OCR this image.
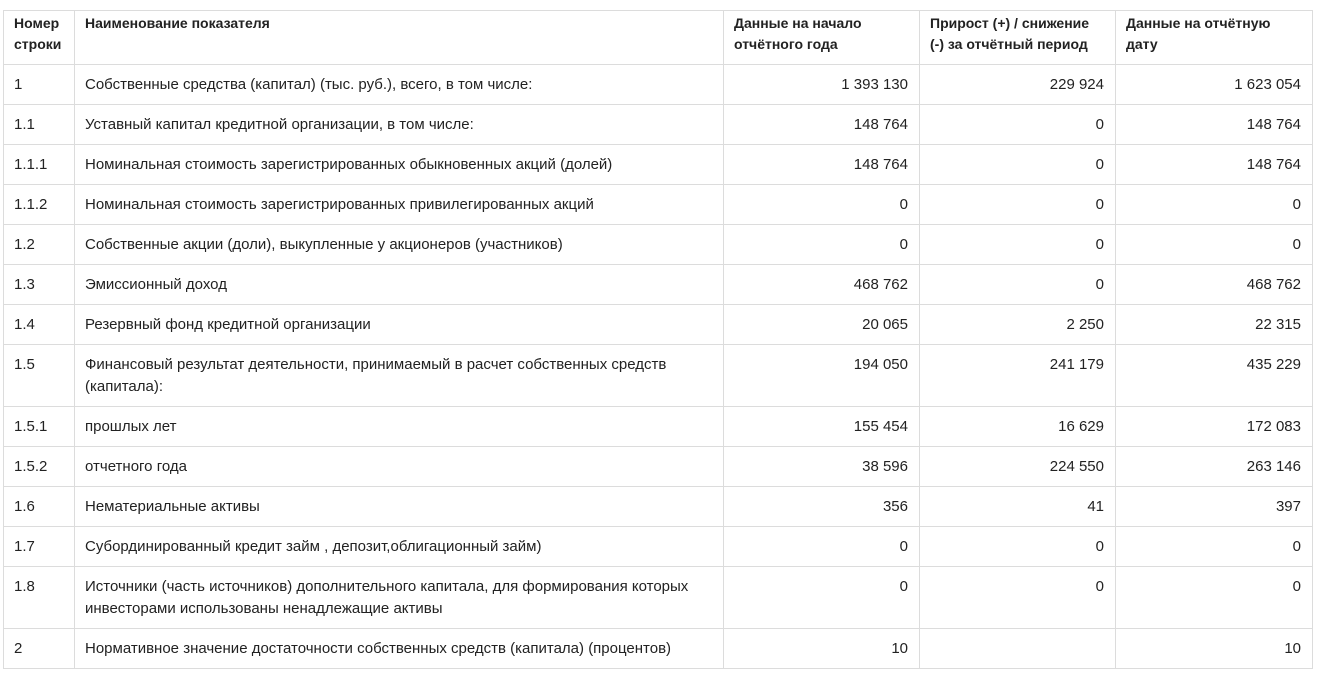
Номер строки	Наименование показателя	Данные на начало отчётного года	Прирост (+) / снижение (-) за отчётный период	Данные на отчётную дату
1	Собственные средства (капитал) (тыс. руб.), всего, в том числе:	1 393 130	229 924	1 623 054
1.1	Уставный капитал кредитной организации, в том числе:	148 764	0	148 764
1.1.1	Номинальная стоимость зарегистрированных обыкновенных акций (долей)	148 764	0	148 764
1.1.2	Номинальная стоимость зарегистрированных привилегированных акций	0	0	0
1.2	Собственные акции (доли), выкупленные у акционеров (участников)	0	0	0
1.3	Эмиссионный доход	468 762	0	468 762
1.4	Резервный фонд кредитной организации	20 065	2 250	22 315
1.5	Финансовый результат деятельности, принимаемый в расчет собственных средств (капитала):	194 050	241 179	435 229
1.5.1	прошлых лет	155 454	16 629	172 083
1.5.2	отчетного года	38 596	224 550	263 146
1.6	Нематериальные активы	356	41	397
1.7	Субординированный кредит займ , депозит,облигационный займ)	0	0	0
1.8	Источники (часть источников) дополнительного капитала, для формирования которых инвесторами использованы ненадлежащие активы	0	0	0
2	Нормативное значение достаточности собственных средств (капитала) (процентов)	10		10
